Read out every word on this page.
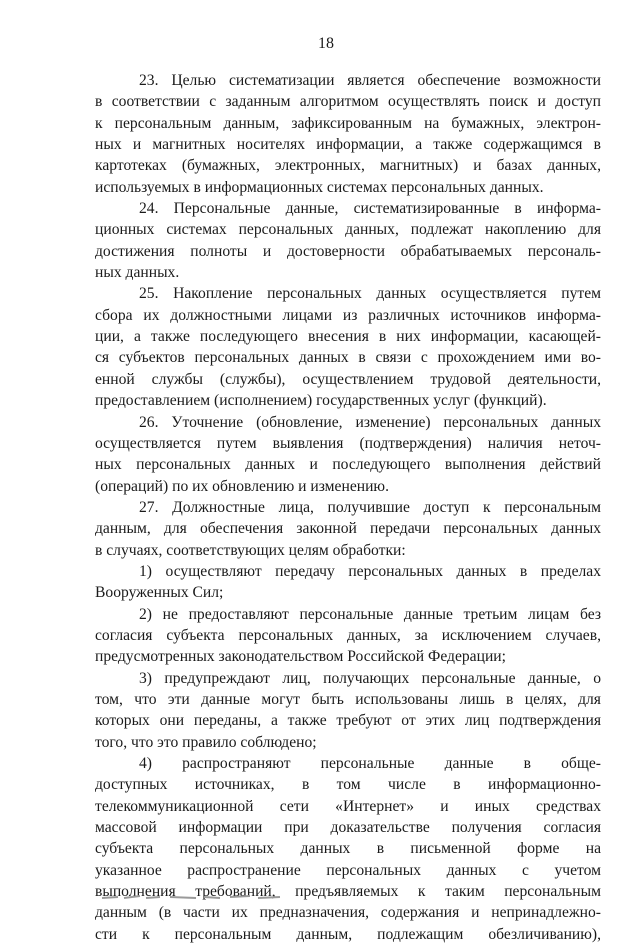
18
23. Целью систематизации является обеспечение возможности
в соответствии с заданным алгоритмом осуществлять поиск и доступ
к персональным данным, зафиксированным на бумажных, электрон-
ных и магнитных носителях информации, а также содержащимся в
картотеках (бумажных, электронных, магнитных) и базах данных,
используемых в информационных системах персональных данных.
24. Персональные данные, систематизированные в информа-
ционных системах персональных данных, подлежат накоплению для
достижения полноты и достоверности обрабатываемых персональ-
ных данных.
25. Накопление персональных данных осуществляется путем
сбора их должностными лицами из различных источников информа-
ции, а также последующего внесения в них информации, касающей-
ся субъектов персональных данных в связи с прохождением ими во-
енной службы (службы), осуществлением трудовой деятельности,
предоставлением (исполнением) государственных услуг (функций).
26. Уточнение (обновление, изменение) персональных данных
осуществляется путем выявления (подтверждения) наличия неточ-
ных персональных данных и последующего выполнения действий
(операций) по их обновлению и изменению.
27. Должностные лица, получившие доступ к персональным
данным, для обеспечения законной передачи персональных данных
в случаях, соответствующих целям обработки:
1) осуществляют передачу персональных данных в пределах
Вооруженных Сил;
2) не предоставляют персональные данные третьим лицам без
согласия субъекта персональных данных, за исключением случаев,
предусмотренных законодательством Российской Федерации;
3) предупреждают лиц, получающих персональные данные, о
том, что эти данные могут быть использованы лишь в целях, для
которых они переданы, а также требуют от этих лиц подтверждения
того, что это правило соблюдено;
4) распространяют персональные данные в обще-
доступных источниках, в том числе в информационно-
телекоммуникационной сети «Интернет» и иных средствах
массовой информации при доказательстве получения согласия
субъекта персональных данных в письменной форме на
указанное распространение персональных данных с учетом
выполнения требований, предъявляемых к таким персональным
данным (в части их предназначения, содержания и непринадлежно-
сти к персональным данным, подлежащим обезличиванию),
